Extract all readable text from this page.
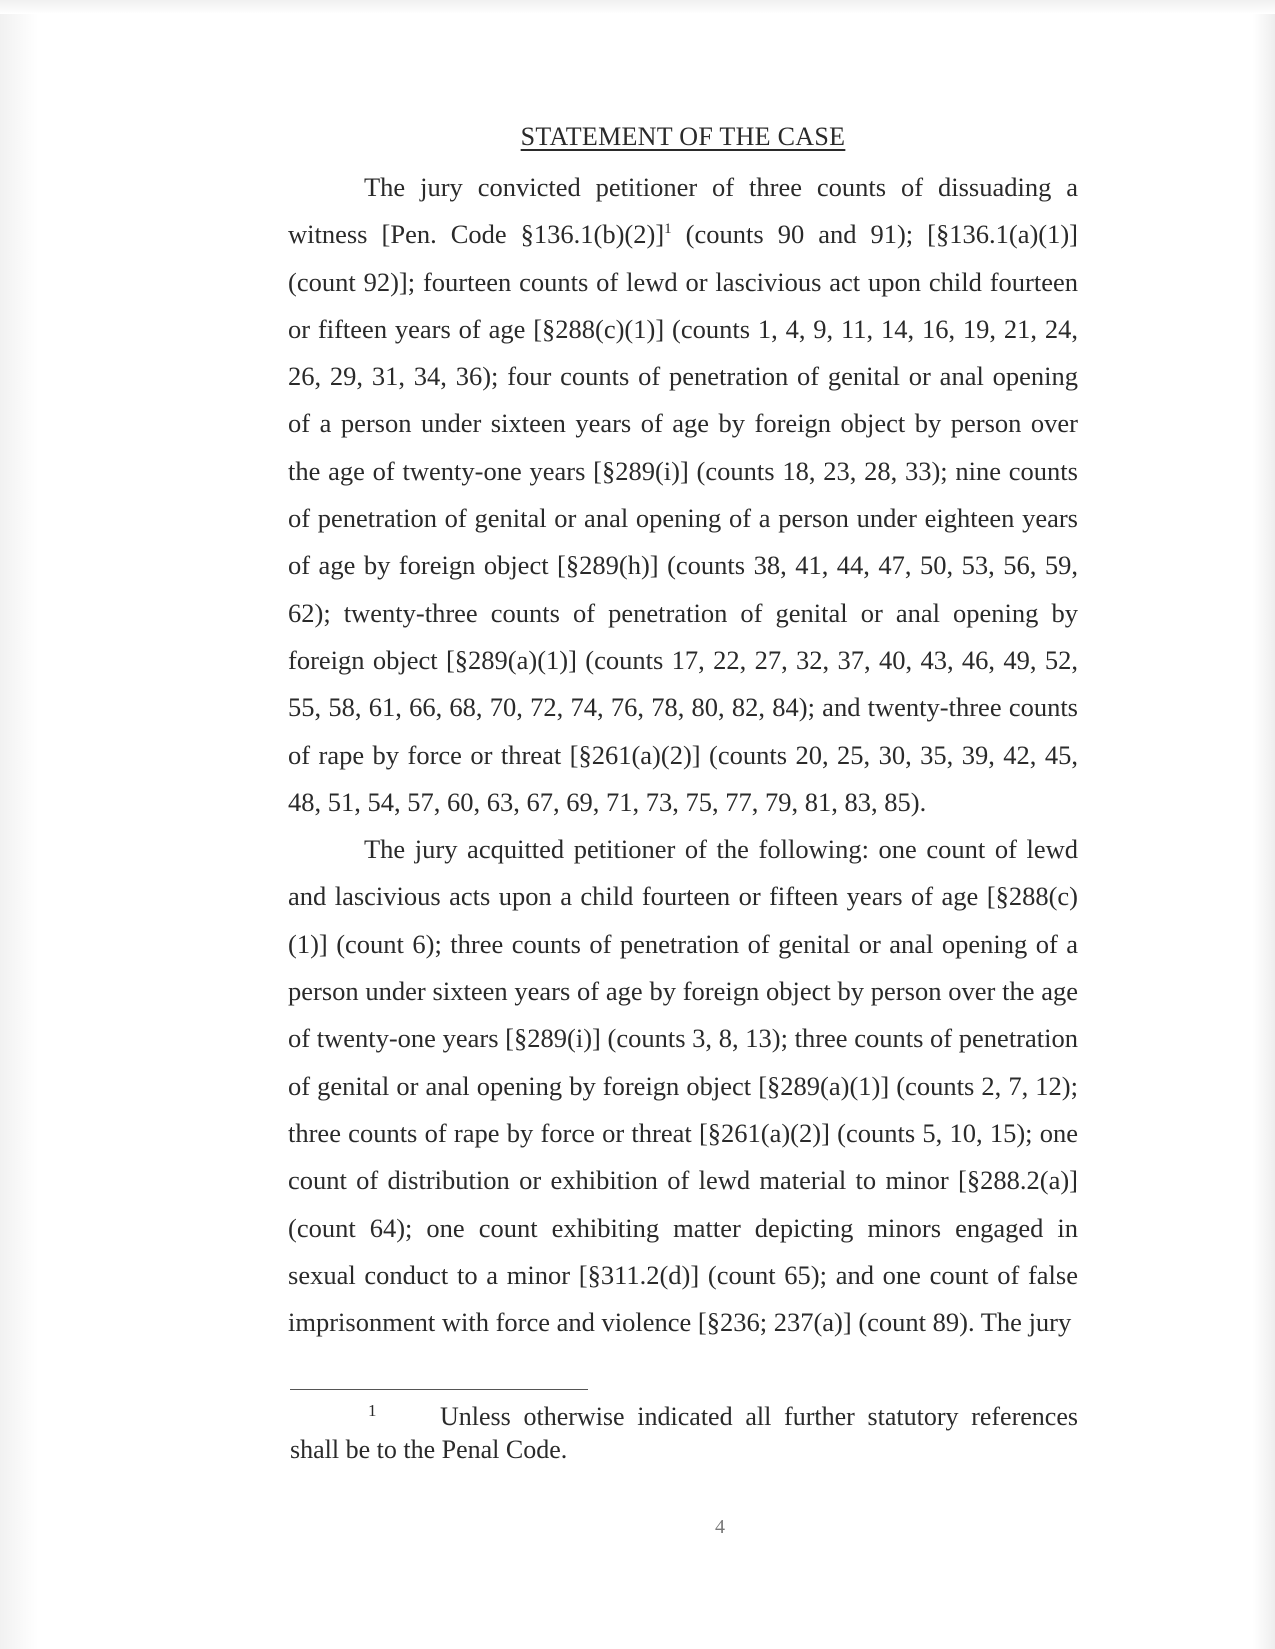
STATEMENT OF THE CASE

The jury convicted petitioner of three counts of dissuading a witness [Pen. Code §136.1(b)(2)]$^1$ (counts 90 and 91); [§136.1(a)(1)] (count 92)]; fourteen counts of lewd or lascivious act upon child fourteen or fifteen years of age [§288(c)(1)] (counts 1, 4, 9, 11, 14, 16, 19, 21, 24, 26, 29, 31, 34, 36); four counts of penetration of genital or anal opening of a person under sixteen years of age by foreign object by person over the age of twenty-one years [§289(i)] (counts 18, 23, 28, 33); nine counts of penetration of genital or anal opening of a person under eighteen years of age by foreign object [§289(h)] (counts 38, 41, 44, 47, 50, 53, 56, 59, 62); twenty-three counts of penetration of genital or anal opening by foreign object [§289(a)(1)] (counts 17, 22, 27, 32, 37, 40, 43, 46, 49, 52, 55, 58, 61, 66, 68, 70, 72, 74, 76, 78, 80, 82, 84); and twenty-three counts of rape by force or threat [§261(a)(2)] (counts 20, 25, 30, 35, 39, 42, 45, 48, 51, 54, 57, 60, 63, 67, 69, 71, 73, 75, 77, 79, 81, 83, 85).

The jury acquitted petitioner of the following: one count of lewd and lascivious acts upon a child fourteen or fifteen years of age [§288(c)(1)] (count 6); three counts of penetration of genital or anal opening of a person under sixteen years of age by foreign object by person over the age of twenty-one years [§289(i)] (counts 3, 8, 13); three counts of penetration of genital or anal opening by foreign object [§289(a)(1)] (counts 2, 7, 12); three counts of rape by force or threat [§261(a)(2)] (counts 5, 10, 15); one count of distribution or exhibition of lewd material to minor [§288.2(a)] (count 64); one count exhibiting matter depicting minors engaged in sexual conduct to a minor [§311.2(d)] (count 65); and one count of false imprisonment with force and violence [§236; 237(a)] (count 89). The jury

1 Unless otherwise indicated all further statutory references shall be to the Penal Code.
4
